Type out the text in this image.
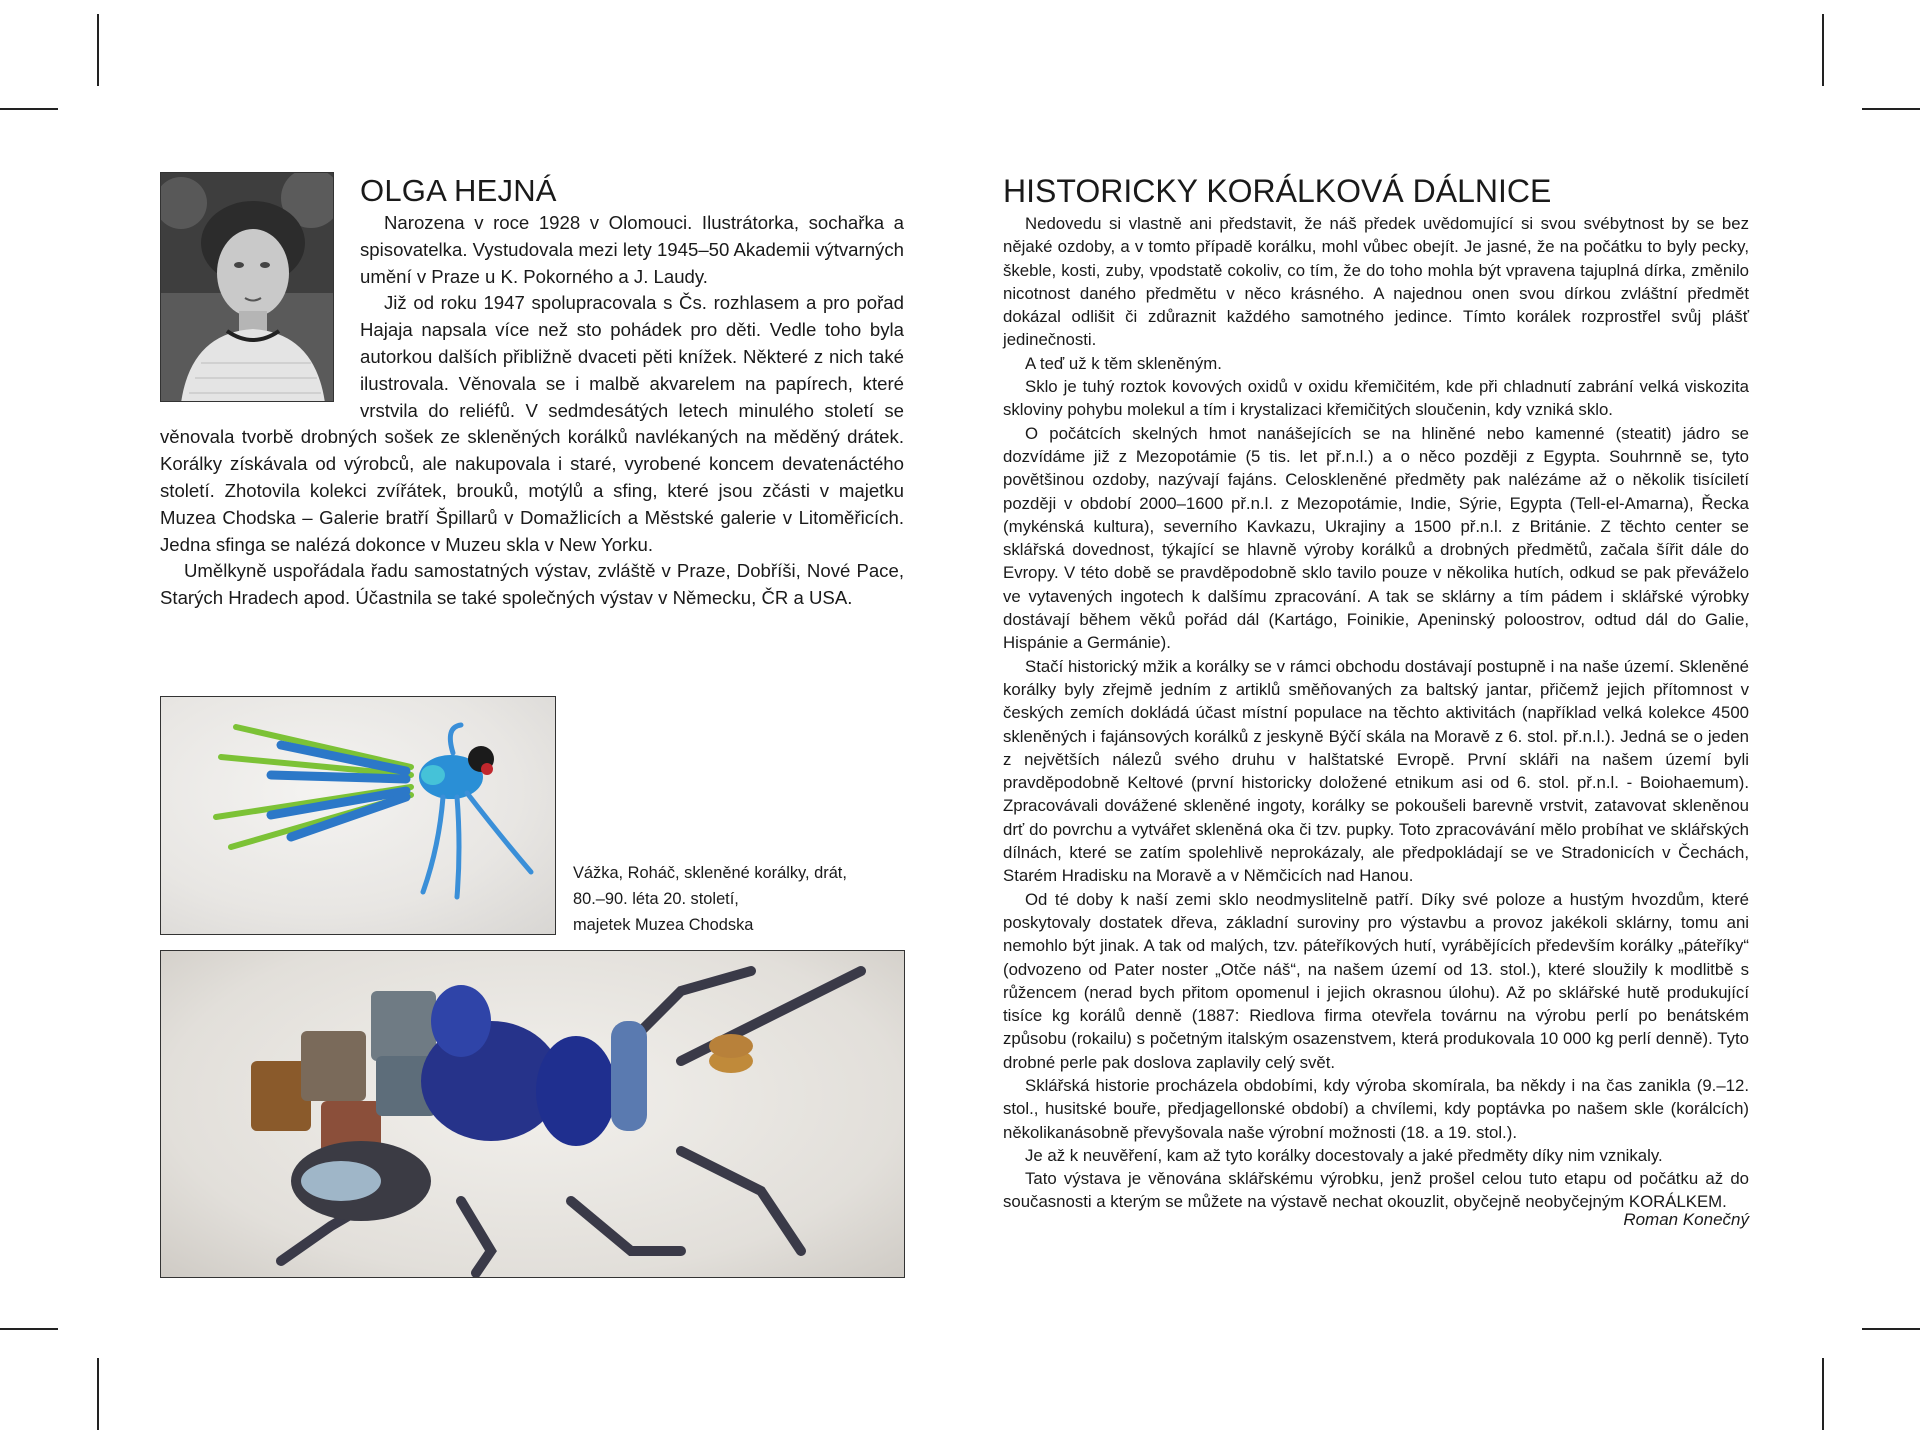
OLGA HEJNÁ

Narozena v roce 1928 v Olomouci. Ilustrátorka, sochařka a spisovatelka. Vystudovala mezi lety 1945–50 Akademii výtvarných umění v Praze u K. Pokorného a J. Laudy.

Již od roku 1947 spolupracovala s Čs. rozhlasem a pro pořad Hajaja napsala více než sto pohádek pro děti. Vedle toho byla autorkou dalších přibližně dvaceti pěti knížek. Některé z nich také ilustrovala. Věnovala se i malbě akvarelem na papírech, které vrstvila do reliéfů. V sedmdesátých letech minulého století se věnovala tvorbě drobných sošek ze skleněných korálků navlékaných na měděný drátek. Korálky získávala od výrobců, ale nakupovala i staré, vyrobené koncem devatenáctého století. Zhotovila kolekci zvířátek, brouků, motýlů a sfing, které jsou zčásti v majetku Muzea Chodska – Galerie bratří Špillarů v Domažlicích a Městské galerie v Litoměřicích. Jedna sfinga se nalézá dokonce v Muzeu skla v New Yorku.

Umělkyně uspořádala řadu samostatných výstav, zvláště v Praze, Dobříši, Nové Pace, Starých Hradech apod. Účastnila se také společných výstav v Německu, ČR a USA.

Vážka, Roháč, skleněné korálky, drát,
80.–90. léta 20. století,
majetek Muzea Chodska
HISTORICKY KORÁLKOVÁ DÁLNICE

Nedovedu si vlastně ani představit, že náš předek uvědomující si svou svébytnost by se bez nějaké ozdoby, a v tomto případě korálku, mohl vůbec obejít. Je jasné, že na počátku to byly pecky, škeble, kosti, zuby, vpodstatě cokoliv, co tím, že do toho mohla být vpravena tajuplná dírka, změnilo nicotnost daného předmětu v něco krásného. A najednou onen svou dírkou zvláštní předmět dokázal odlišit či zdůraznit každého samotného jedince. Tímto korálek rozprostřel svůj plášť jedinečnosti.

A teď už k těm skleněným.

Sklo je tuhý roztok kovových oxidů v oxidu křemičitém, kde při chladnutí zabrání velká viskozita skloviny pohybu molekul a tím i krystalizaci křemičitých sloučenin, kdy vzniká sklo.

O počátcích skelných hmot nanášejících se na hliněné nebo kamenné (steatit) jádro se dozvídáme již z Mezopotámie (5 tis. let př.n.l.) a o něco později z Egypta. Souhrnně se, tyto povětšinou ozdoby, nazývají fajáns. Celoskleněné předměty pak nalézáme až o několik tisíciletí později v období 2000–1600 př.n.l. z Mezopotámie, Indie, Sýrie, Egypta (Tell-el-Amarna), Řecka (mykénská kultura), severního Kavkazu, Ukrajiny a 1500 př.n.l. z Británie. Z těchto center se sklářská dovednost, týkající se hlavně výroby korálků a drobných předmětů, začala šířit dále do Evropy. V této době se pravděpodobně sklo tavilo pouze v několika hutích, odkud se pak převáželo ve vytavených ingotech k dalšímu zpracování. A tak se sklárny a tím pádem i sklářské výrobky dostávají během věků pořád dál (Kartágo, Foinikie, Apeninský poloostrov, odtud dál do Galie, Hispánie a Germánie).

Stačí historický mžik a korálky se v rámci obchodu dostávají postupně i na naše území. Skleněné korálky byly zřejmě jedním z artiklů směňovaných za baltský jantar, přičemž jejich přítomnost v českých zemích dokládá účast místní populace na těchto aktivitách (například velká kolekce 4500 skleněných i fajánsových korálků z jeskyně Býčí skála na Moravě z 6. stol. př.n.l.). Jedná se o jeden z největších nálezů svého druhu v halštatské Evropě. První skláři na našem území byli pravděpodobně Keltové (první historicky doložené etnikum asi od 6. stol. př.n.l. - Boiohaemum). Zpracovávali dovážené skleněné ingoty, korálky se pokoušeli barevně vrstvit, zatavovat skleněnou drť do povrchu a vytvářet skleněná oka či tzv. pupky. Toto zpracovávání mělo probíhat ve sklářských dílnách, které se zatím spolehlivě neprokázaly, ale předpokládají se ve Stradonicích v Čechách, Starém Hradisku na Moravě a v Němčicích nad Hanou.

Od té doby k naší zemi sklo neodmyslitelně patří. Díky své poloze a hustým hvozdům, které poskytovaly dostatek dřeva, základní suroviny pro výstavbu a provoz jakékoli sklárny, tomu ani nemohlo být jinak. A tak od malých, tzv. páteříkových hutí, vyrábějících především korálky „páteříky“ (odvozeno od Pater noster „Otče náš“, na našem území od 13. stol.), které sloužily k modlitbě s růžencem (nerad bych přitom opomenul i jejich okrasnou úlohu). Až po sklářské hutě produkující tisíce kg korálů denně (1887: Riedlova firma otevřela továrnu na výrobu perlí po benátském způsobu (rokailu) s početným italským osazenstvem, která produkovala 10 000 kg perlí denně). Tyto drobné perle pak doslova zaplavily celý svět.

Sklářská historie procházela obdobími, kdy výroba skomírala, ba někdy i na čas zanikla (9.–12. stol., husitské bouře, předjagellonské období) a chvílemi, kdy poptávka po našem skle (korálcích) několikanásobně převyšovala naše výrobní možnosti (18. a 19. stol.).

Je až k neuvěření, kam až tyto korálky docestovaly a jaké předměty díky nim vznikaly.

Tato výstava je věnována sklářskému výrobku, jenž prošel celou tuto etapu od počátku až do současnosti a kterým se můžete na výstavě nechat okouzlit, obyčejně neobyčejným KORÁLKEM.

Roman Konečný
